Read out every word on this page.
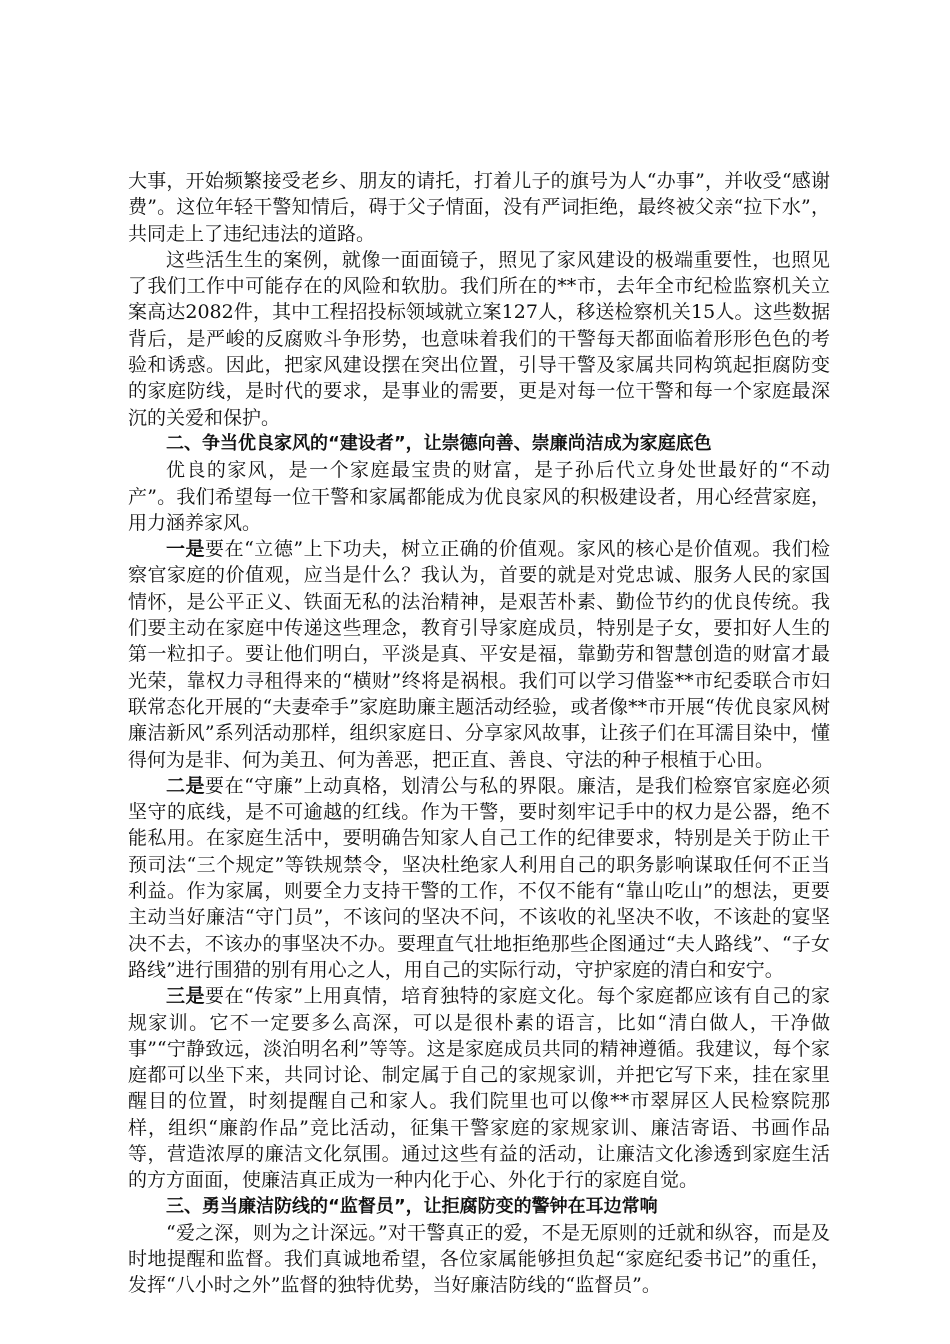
大事，开始频繁接受老乡、朋友的请托，打着儿子的旗号为人“办事”，并收受“感谢费”。这位年轻干警知情后，碍于父子情面，没有严词拒绝，最终被父亲“拉下水”，共同走上了违纪违法的道路。

这些活生生的案例，就像一面面镜子，照见了家风建设的极端重要性，也照见了我们工作中可能存在的风险和软肋。我们所在的**市，去年全市纪检监察机关立案高达2082件，其中工程招投标领域就立案127人，移送检察机关15人。这些数据背后，是严峻的反腐败斗争形势，也意味着我们的干警每天都面临着形形色色的考验和诱惑。因此，把家风建设摆在突出位置，引导干警及家属共同构筑起拒腐防变的家庭防线，是时代的要求，是事业的需要，更是对每一位干警和每一个家庭最深沉的关爱和保护。

二、争当优良家风的“建设者”，让崇德向善、崇廉尚洁成为家庭底色

优良的家风，是一个家庭最宝贵的财富，是子孙后代立身处世最好的“不动产”。我们希望每一位干警和家属都能成为优良家风的积极建设者，用心经营家庭，用力涵养家风。

一是要在“立德”上下功夫，树立正确的价值观。家风的核心是价值观。我们检察官家庭的价值观，应当是什么？我认为，首要的就是对党忠诚、服务人民的家国情怀，是公平正义、铁面无私的法治精神，是艰苦朴素、勤俭节约的优良传统。我们要主动在家庭中传递这些理念，教育引导家庭成员，特别是子女，要扣好人生的第一粒扣子。要让他们明白，平淡是真、平安是福，靠勤劳和智慧创造的财富才最光荣，靠权力寻租得来的“横财”终将是祸根。我们可以学习借鉴**市纪委联合市妇联常态化开展的“夫妻牵手”家庭助廉主题活动经验，或者像**市开展“传优良家风树廉洁新风”系列活动那样，组织家庭日、分享家风故事，让孩子们在耳濡目染中，懂得何为是非、何为美丑、何为善恶，把正直、善良、守法的种子根植于心田。

二是要在“守廉”上动真格，划清公与私的界限。廉洁，是我们检察官家庭必须坚守的底线，是不可逾越的红线。作为干警，要时刻牢记手中的权力是公器，绝不能私用。在家庭生活中，要明确告知家人自己工作的纪律要求，特别是关于防止干预司法“三个规定”等铁规禁令，坚决杜绝家人利用自己的职务影响谋取任何不正当利益。作为家属，则要全力支持干警的工作，不仅不能有“靠山吃山”的想法，更要主动当好廉洁“守门员”，不该问的坚决不问，不该收的礼坚决不收，不该赴的宴坚决不去，不该办的事坚决不办。要理直气壮地拒绝那些企图通过“夫人路线”、“子女路线”进行围猎的别有用心之人，用自己的实际行动，守护家庭的清白和安宁。

三是要在“传家”上用真情，培育独特的家庭文化。每个家庭都应该有自己的家规家训。它不一定要多么高深，可以是很朴素的语言，比如“清白做人，干净做事”“宁静致远，淡泊明名利”等等。这是家庭成员共同的精神遵循。我建议，每个家庭都可以坐下来，共同讨论、制定属于自己的家规家训，并把它写下来，挂在家里醒目的位置，时刻提醒自己和家人。我们院里也可以像**市翠屏区人民检察院那样，组织“廉韵作品”竞比活动，征集干警家庭的家规家训、廉洁寄语、书画作品等，营造浓厚的廉洁文化氛围。通过这些有益的活动，让廉洁文化渗透到家庭生活的方方面面，使廉洁真正成为一种内化于心、外化于行的家庭自觉。

三、勇当廉洁防线的“监督员”，让拒腐防变的警钟在耳边常响

“爱之深，则为之计深远。”对干警真正的爱，不是无原则的迁就和纵容，而是及时地提醒和监督。我们真诚地希望，各位家属能够担负起“家庭纪委书记”的重任，发挥“八小时之外”监督的独特优势，当好廉洁防线的“监督员”。
